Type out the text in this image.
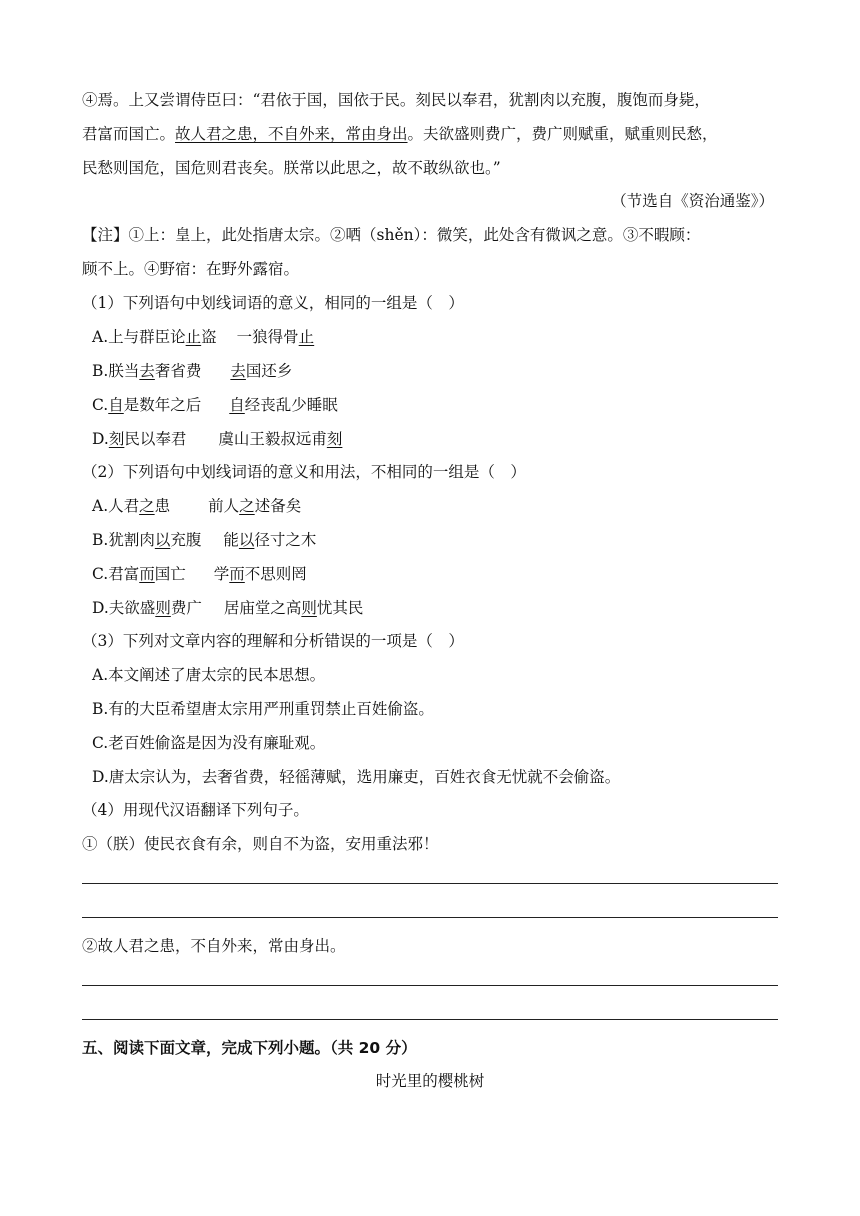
④焉。上又尝谓侍臣曰：“君依于国，国依于民。刻民以奉君，犹割肉以充腹，腹饱而身毙，
君富而国亡。故人君之患，不自外来，常由身出。夫欲盛则费广，费广则赋重，赋重则民愁，
民愁则国危，国危则君丧矣。朕常以此思之，故不敢纵欲也。”
（节选自《资治通鉴》）
【注】①上：皇上，此处指唐太宗。②哂（shěn）：微笑，此处含有微讽之意。③不暇顾：
顾不上。④野宿：在野外露宿。
（1）下列语句中划线词语的意义，相同的一组是（　）
A.上与群臣论止盗 一狼得骨止
B.朕当去奢省费 去国还乡
C.自是数年之后 自经丧乱少睡眠
D.刻民以奉君 虞山王毅叔远甫刻
（2）下列语句中划线词语的意义和用法，不相同的一组是（　）
A.人君之患 前人之述备矣
B.犹割肉以充腹 能以径寸之木
C.君富而国亡 学而不思则罔
D.夫欲盛则费广 居庙堂之高则忧其民
（3）下列对文章内容的理解和分析错误的一项是（　）
A.本文阐述了唐太宗的民本思想。
B.有的大臣希望唐太宗用严刑重罚禁止百姓偷盗。
C.老百姓偷盗是因为没有廉耻观。
D.唐太宗认为，去奢省费，轻徭薄赋，选用廉吏，百姓衣食无忧就不会偷盗。
（4）用现代汉语翻译下列句子。
①（朕）使民衣食有余，则自不为盗，安用重法邪！
②故人君之患，不自外来，常由身出。
五、阅读下面文章，完成下列小题。（共 20 分）
时光里的樱桃树
